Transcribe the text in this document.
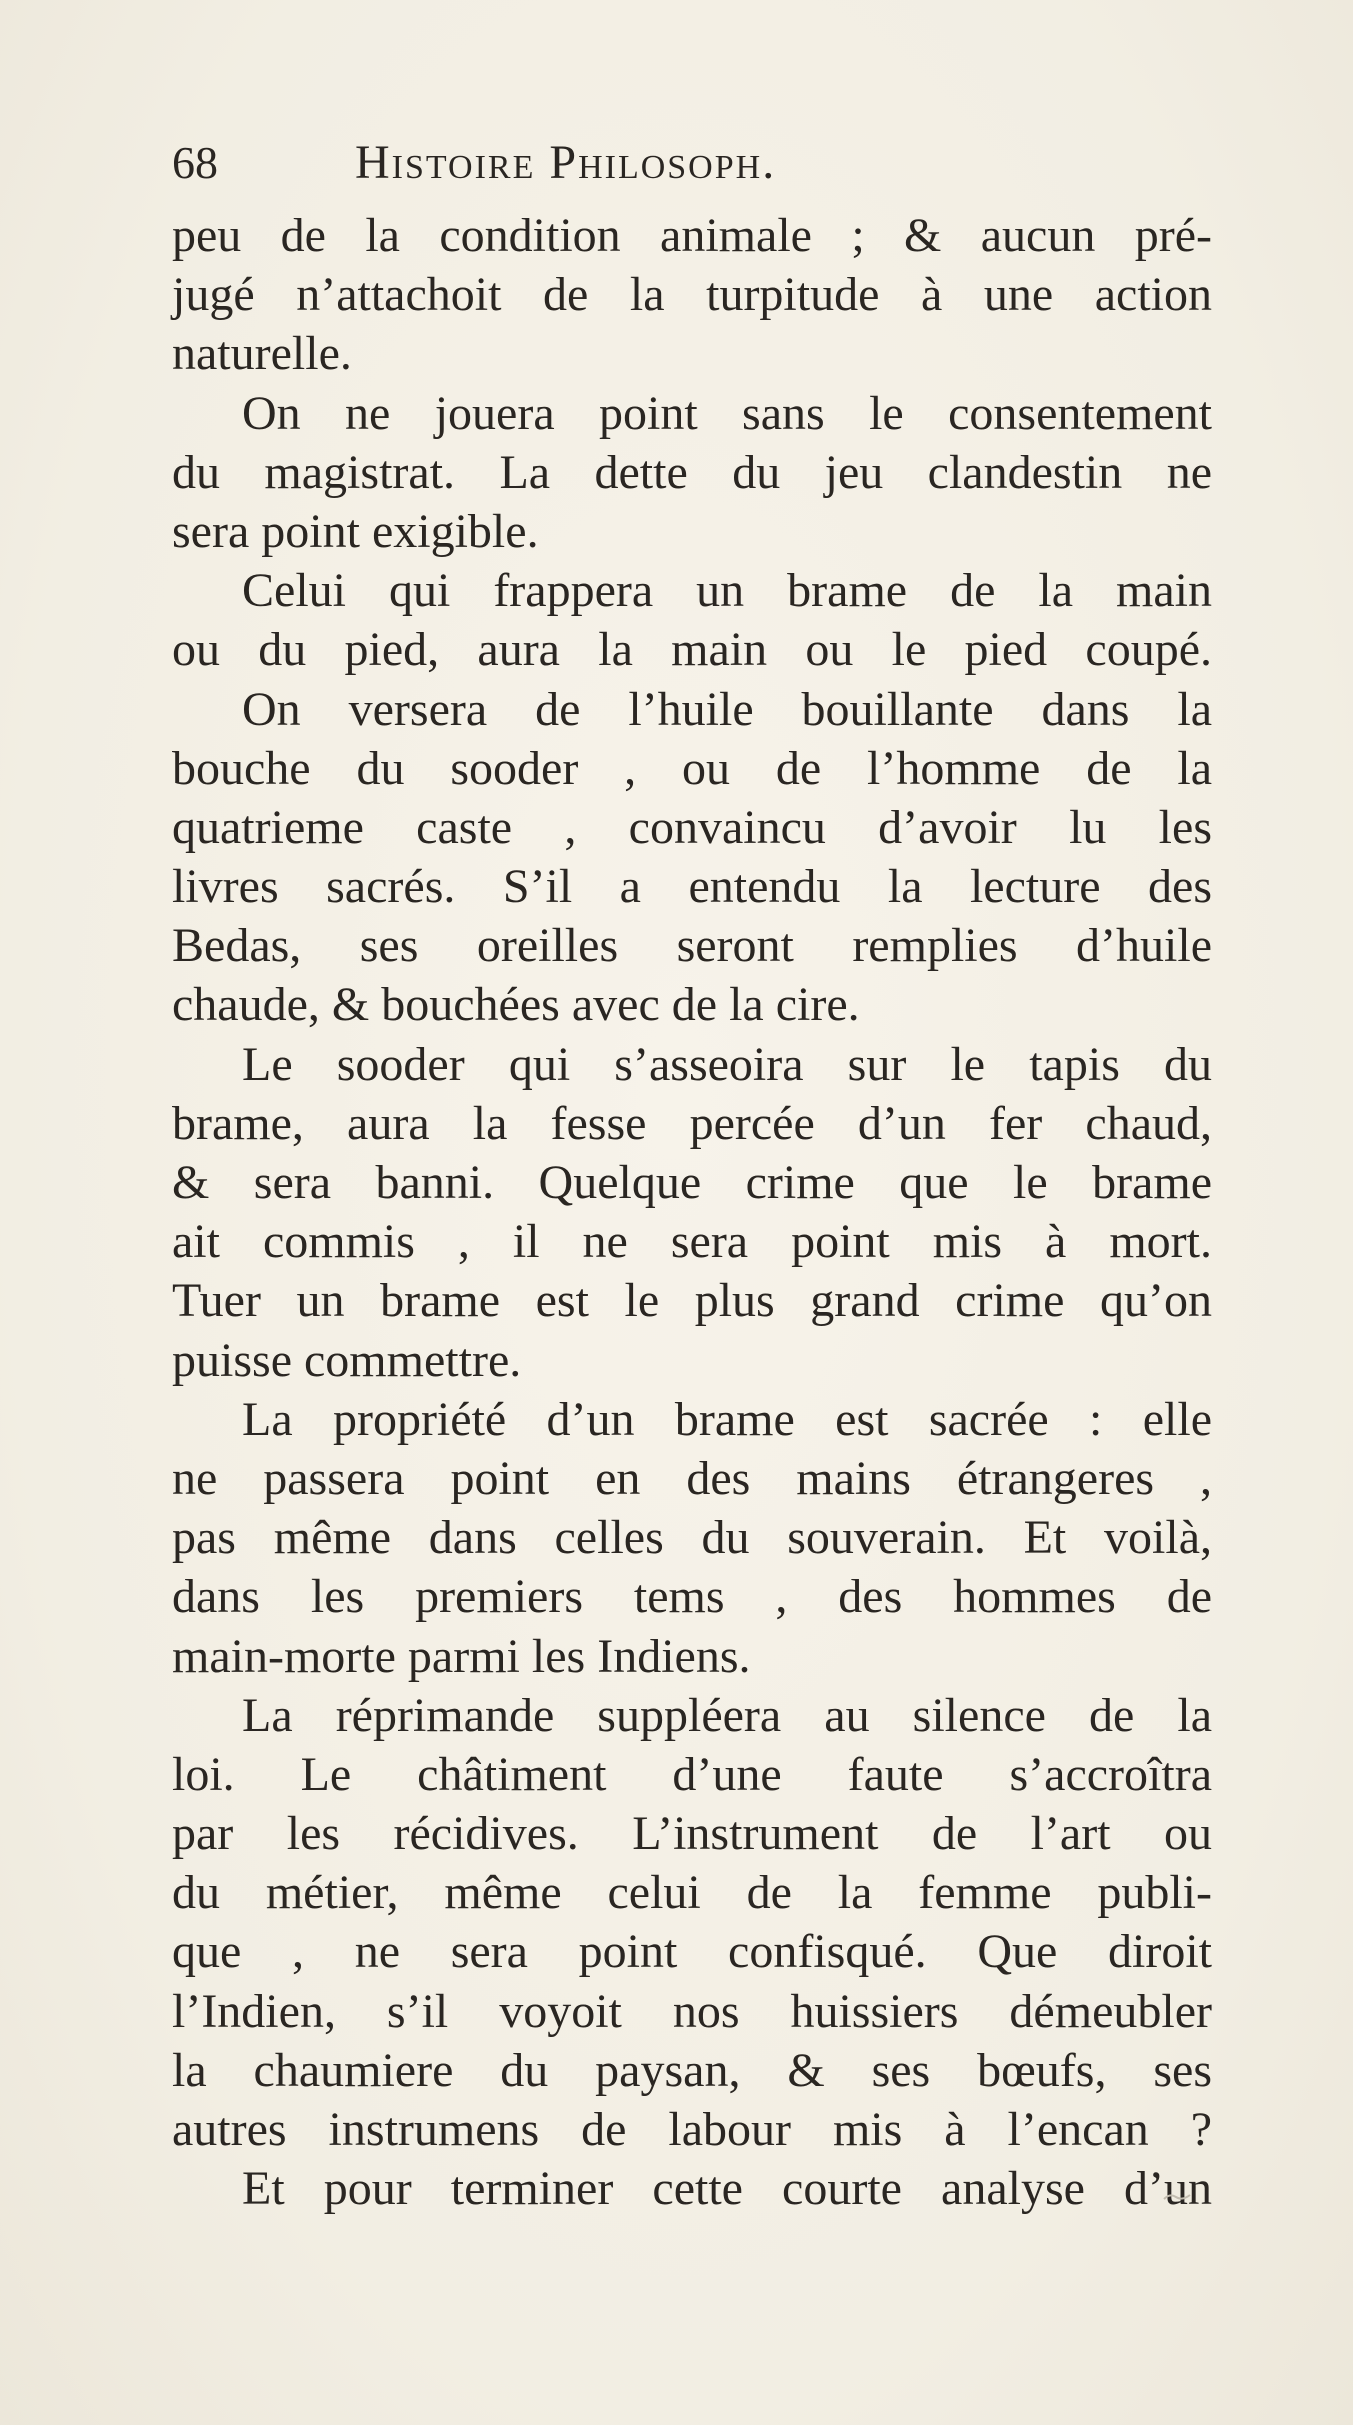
68	Histoire Philosoph.
peu de la condition animale ; & aucun pré-
jugé n’attachoit de la turpitude à une action
naturelle.
On ne jouera point sans le consentement
du magistrat. La dette du jeu clandestin ne
sera point exigible.
Celui qui frappera un brame de la main
ou du pied, aura la main ou le pied coupé.
On versera de l’huile bouillante dans la
bouche du sooder , ou de l’homme de la
quatrieme caste , convaincu d’avoir lu les
livres sacrés. S’il a entendu la lecture des
Bedas, ses oreilles seront remplies d’huile
chaude, & bouchées avec de la cire.
Le sooder qui s’asseoira sur le tapis du
brame, aura la fesse percée d’un fer chaud,
& sera banni. Quelque crime que le brame
ait commis , il ne sera point mis à mort.
Tuer un brame est le plus grand crime qu’on
puisse commettre.
La propriété d’un brame est sacrée : elle
ne passera point en des mains étrangeres ,
pas même dans celles du souverain. Et voilà,
dans les premiers tems , des hommes de
main-morte parmi les Indiens.
La réprimande suppléera au silence de la
loi. Le châtiment d’une faute s’accroîtra
par les récidives. L’instrument de l’art ou
du métier, même celui de la femme publi-
que , ne sera point confisqué. Que diroit
l’Indien, s’il voyoit nos huissiers démeubler
la chaumiere du paysan, & ses bœufs, ses
autres instrumens de labour mis à l’encan ?
Et pour terminer cette courte analyse d’un
